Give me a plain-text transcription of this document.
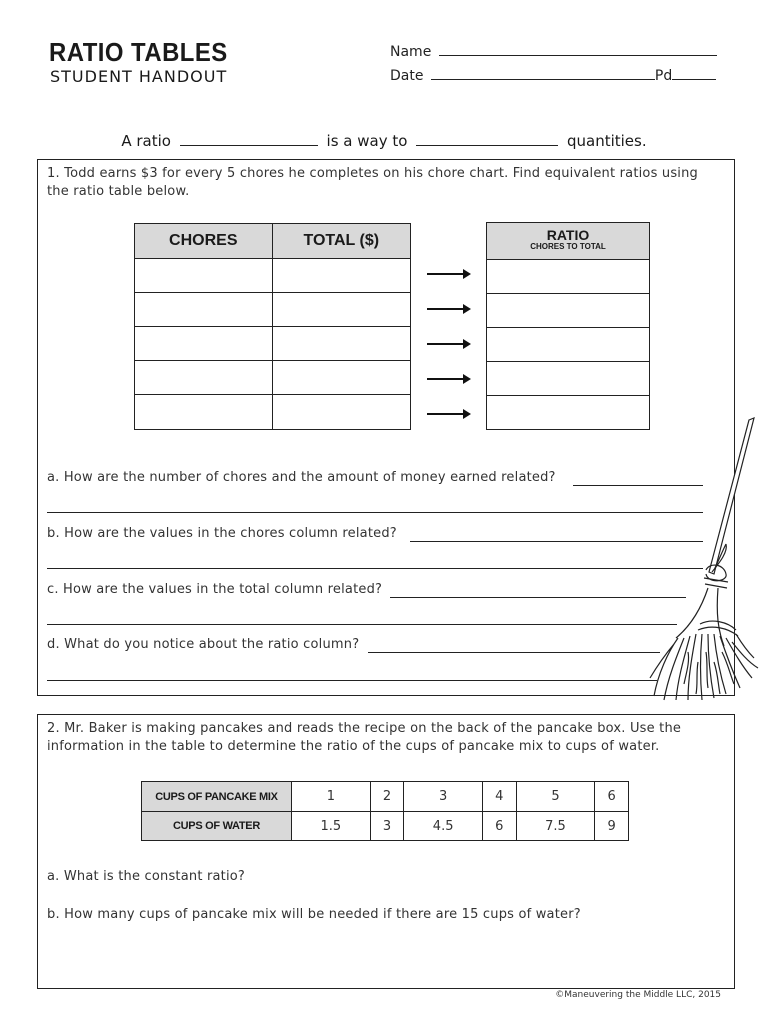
RATIO TABLES
STUDENT HANDOUT
Name
Date	Pd
A ratio	is a way to	quantities.
1. Todd earns $3 for every 5 chores he completes on his chore chart. Find equivalent ratios using the ratio table below.
CHORES	TOTAL ($)

		RATIO
CHORES TO TOTAL

a. How are the number of chores and the amount of money earned related?
b. How are the values in the chores column related?
c. How are the values in the total column related?
d. What do you notice about the ratio column?
2. Mr. Baker is making pancakes and reads the recipe on the back of the pancake box. Use the information in the table to determine the ratio of the cups of pancake mix to cups of water.
CUPS OF PANCAKE MIX	1	2	3	4	5	6
CUPS OF WATER	1.5	3	4.5	6	7.5	9
a. What is the constant ratio?
b. How many cups of pancake mix will be needed if there are 15 cups of water?
©Maneuvering the Middle LLC, 2015
